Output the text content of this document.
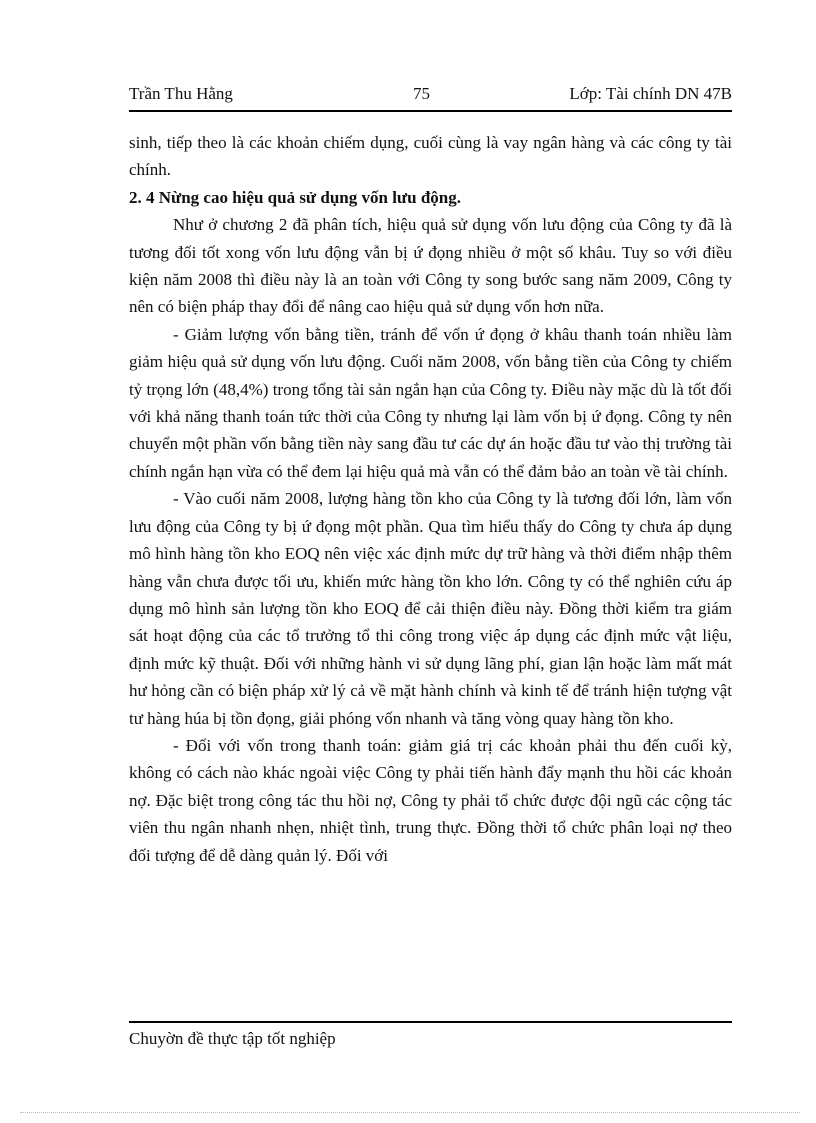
Trần Thu Hằng	75	Lớp: Tài chính DN 47B

sinh, tiếp theo là các khoản chiếm dụng, cuối cùng là vay ngân hàng và các công ty tài chính.

2. 4 Nừng cao hiệu quả sử dụng vốn lưu động.

Như ở chương 2 đã phân tích, hiệu quả sử dụng vốn lưu động của Công ty đã là tương đối tốt xong vốn lưu động vẫn bị ứ đọng nhiều ở một số khâu. Tuy so với điều kiện năm 2008 thì điều này là an toàn với Công ty song bước sang năm 2009, Công ty nên có biện pháp thay đổi để nâng cao hiệu quả sử dụng vốn hơn nữa.

- Giảm lượng vốn bằng tiền, tránh để vốn ứ đọng ở khâu thanh toán nhiều làm giảm hiệu quả sử dụng vốn lưu động. Cuối năm 2008, vốn bằng tiền của Công ty chiếm tỷ trọng lớn (48,4%) trong tổng tài sản ngắn hạn của Công ty. Điều này mặc dù là tốt đối với khả năng thanh toán tức thời của Công ty nhưng lại làm vốn bị ứ đọng. Công ty nên chuyển một phần vốn bằng tiền này sang đầu tư các dự án hoặc đầu tư vào thị trường tài chính ngắn hạn vừa có thể đem lại hiệu quả mà vẫn có thể đảm bảo an toàn về tài chính.

- Vào cuối năm 2008, lượng hàng tồn kho của Công ty là tương đối lớn, làm vốn lưu động của Công ty bị ứ đọng một phần. Qua tìm hiểu thấy do Công ty chưa áp dụng mô hình hàng tồn kho EOQ nên việc xác định mức dự trữ hàng và thời điểm nhập thêm hàng vẫn chưa được tối ưu, khiến mức hàng tồn kho lớn. Công ty có thể nghiên cứu áp dụng mô hình sản lượng tồn kho EOQ để cải thiện điều này. Đồng thời kiểm tra giám sát hoạt động của các tổ trưởng tổ thi công trong việc áp dụng các định mức vật liệu, định mức kỹ thuật. Đối với những hành vi sử dụng lãng phí, gian lận hoặc làm mất mát hư hỏng cần có biện pháp xử lý cả về mặt hành chính và kinh tế để tránh hiện tượng vật tư hàng húa bị tồn đọng, giải phóng vốn nhanh và tăng vòng quay hàng tồn kho.

- Đối với vốn trong thanh toán: giảm giá trị các khoản phải thu đến cuối kỳ, không có cách nào khác ngoài việc Công ty phải tiến hành đẩy mạnh thu hồi các khoản nợ. Đặc biệt trong công tác thu hồi nợ, Công ty phải tổ chức được đội ngũ các cộng tác viên thu ngân nhanh nhẹn, nhiệt tình, trung thực. Đồng thời tổ chức phân loại nợ theo đối tượng để dễ dàng quản lý. Đối với

Chuyờn đề thực tập tốt nghiệp
